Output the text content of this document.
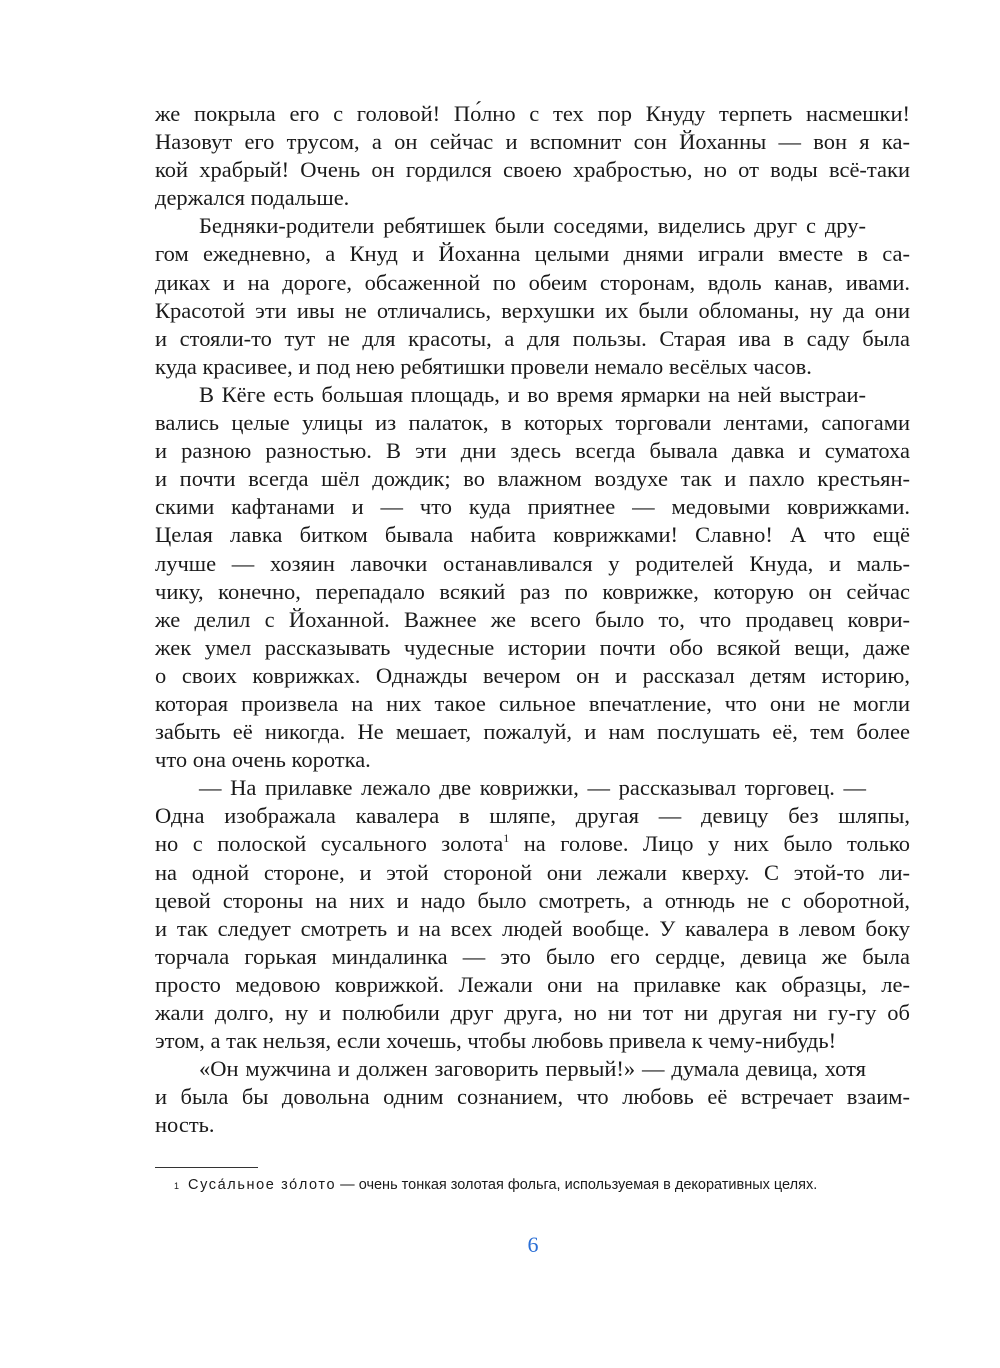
же покрыла его с головой! По́лно с тех пор Кнуду терпеть насмешки!
Назовут его трусом, а он сейчас и вспомнит сон Йоханны — вон я ка-
кой храбрый! Очень он гордился своею храбростью, но от воды всё-таки
держался подальше.
Бедняки-родители ребятишек были соседями, виделись друг с дру-
гом ежедневно, а Кнуд и Йоханна целыми днями играли вместе в са-
диках и на дороге, обсаженной по обеим сторонам, вдоль канав, ивами.
Красотой эти ивы не отличались, верхушки их были обломаны, ну да они
и стояли-то тут не для красоты, а для пользы. Старая ива в саду была
куда красивее, и под нею ребятишки провели немало весёлых часов.
В Кёге есть большая площадь, и во время ярмарки на ней выстраи-
вались целые улицы из палаток, в которых торговали лентами, сапогами
и разною разностью. В эти дни здесь всегда бывала давка и суматоха
и почти всегда шёл дождик; во влажном воздухе так и пахло крестьян-
скими кафтанами и — что куда приятнее — медовыми коврижками.
Целая лавка битком бывала набита коврижками! Славно! А что ещё
лучше — хозяин лавочки останавливался у родителей Кнуда, и маль-
чику, конечно, перепадало всякий раз по коврижке, которую он сейчас
же делил с Йоханной. Важнее же всего было то, что продавец коври-
жек умел рассказывать чудесные истории почти обо всякой вещи, даже
о своих коврижках. Однажды вечером он и рассказал детям историю,
которая произвела на них такое сильное впечатление, что они не могли
забыть её никогда. Не мешает, пожалуй, и нам послушать её, тем более
что она очень коротка.
— На прилавке лежало две коврижки, — рассказывал торговец. —
Одна изображала кавалера в шляпе, другая — девицу без шляпы,
но с полоской сусального золота$^1$ на голове. Лицо у них было только
на одной стороне, и этой стороной они лежали кверху. С этой-то ли-
цевой стороны на них и надо было смотреть, а отнюдь не с оборотной,
и так следует смотреть и на всех людей вообще. У кавалера в левом боку
торчала горькая миндалинка — это было его сердце, девица же была
просто медовою коврижкой. Лежали они на прилавке как образцы, ле-
жали долго, ну и полюбили друг друга, но ни тот ни другая ни гу-гу об
этом, а так нельзя, если хочешь, чтобы любовь привела к чему-нибудь!
«Он мужчина и должен заговорить первый!» — думала девица, хотя
и была бы довольна одним сознанием, что любовь её встречает взаим-
ность.
$^1$ Суса́льное зо́лото — очень тонкая золотая фольга, используемая в декоративных целях.
6
